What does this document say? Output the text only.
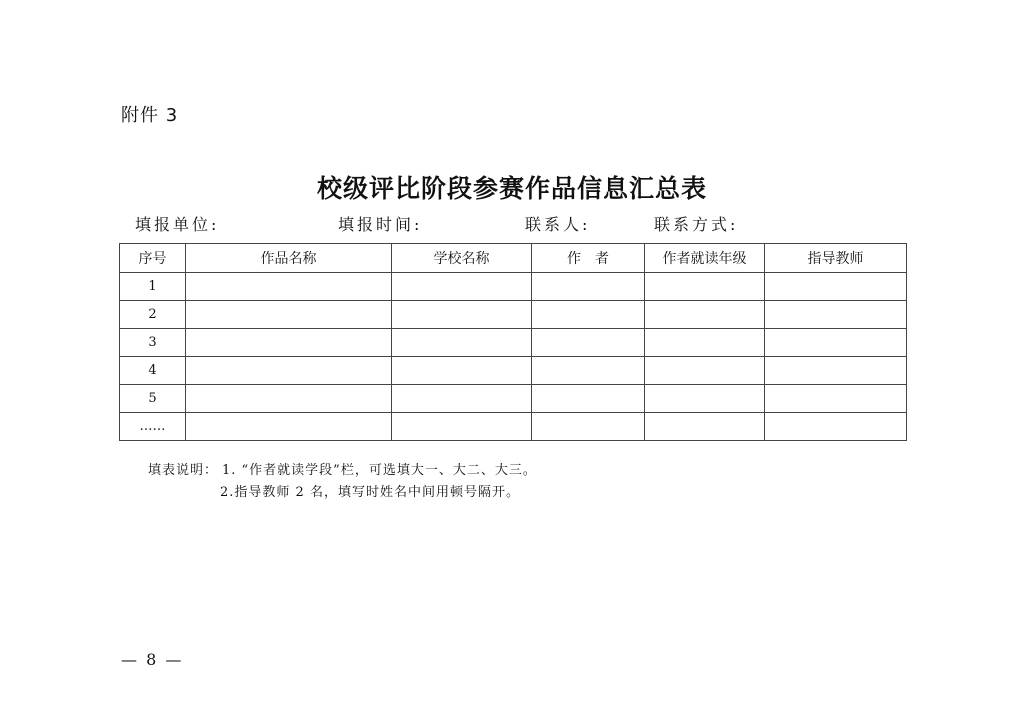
附件 3
校级评比阶段参赛作品信息汇总表
填报单位:	填报时间:	联系人:	联系方式:
序号	作品名称	学校名称	作　者	作者就读年级	指导教师
1					
2					
3					
4					
5					
……					
填表说明： 1. “作者就读学段”栏，可选填大一、大二、大三。
2.指导教师 2 名，填写时姓名中间用顿号隔开。
— 8 —
